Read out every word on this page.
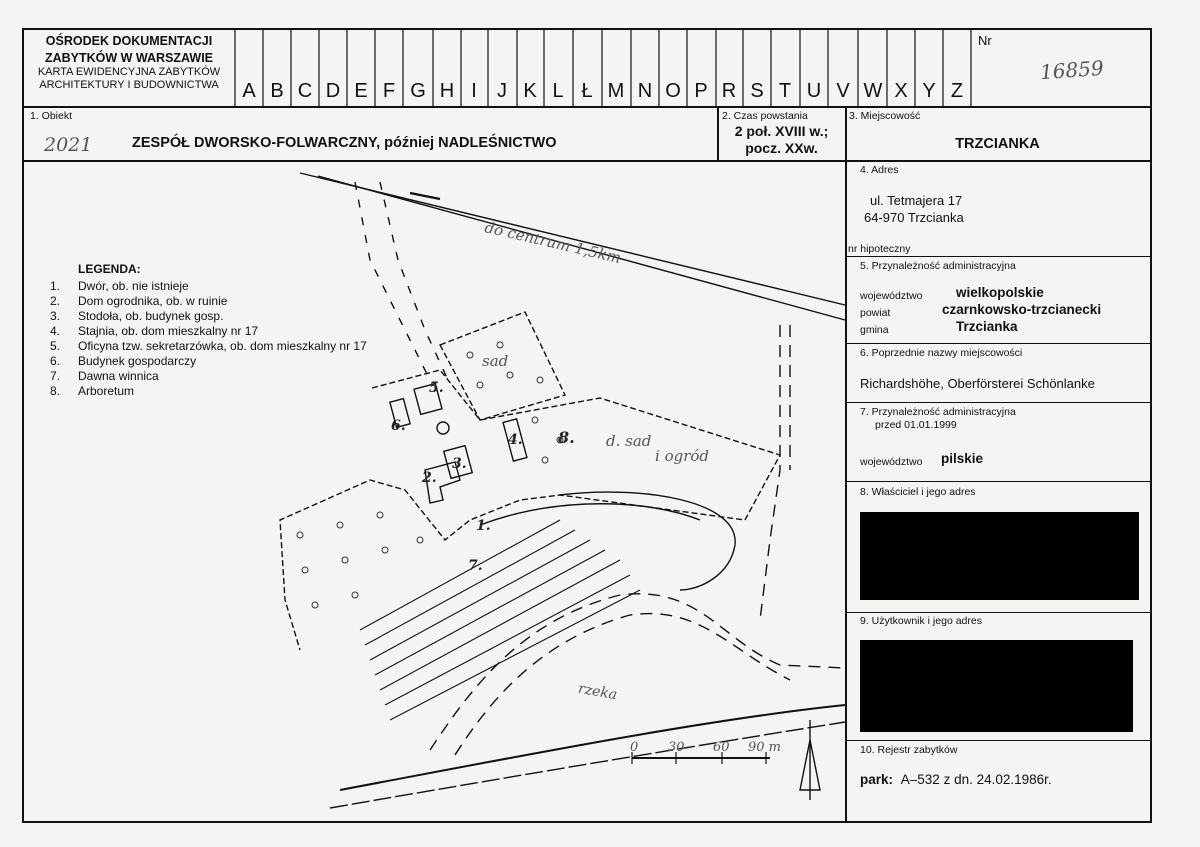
OŚRODEK DOKUMENTACJI
ZABYTKÓW W WARSZAWIE
KARTA EWIDENCYJNA ZABYTKÓW
ARCHITEKTURY I BUDOWNICTWA	A B C D E F G H I	J K L Ł M N O P R S T U V W X Y Z
Nr
16859
1. Obiekt
2021	ZESPÓŁ DWORSKO-FOLWARCZNY, później NADLEŚNICTWO
2. Czas powstania
2 poł. XVIII w.;
pocz. XXw.
3. Miejscowość
TRZCIANKA
4. Adres
ul. Tetmajera 17
64-970 Trzcianka
nr hipoteczny
5. Przynależność administracyjna
województwo wielkopolskie
powiat	czarnkowsko-trzcianecki
gmina	Trzcianka
6. Poprzednie nazwy miejscowości
Richardshöhe, Oberförsterei Schönlanke
7. Przynależność administracyjna
przed 01.01.1999
województwo pilskie
8. Właściciel i jego adres
9. Użytkownik i jego adres
10. Rejestr zabytków
park: A–532 z dn. 24.02.1986r.
LEGENDA:
1. Dwór, ob. nie istnieje
2. Dom ogrodnika, ob. w ruinie
3. Stodoła, ob. budynek gosp.
4. Stajnia, ob. dom mieszkalny nr 17
5. Oficyna tzw. sekretarzówka, ob. dom mieszkalny nr 17
6. Budynek gospodarczy
7. Dawna winnica
8. Arboretum
do centrum 1,5km
sad
d. sad
i ogród
rzeka
1.
2.
3.
4.
5.
6.
7.
8.
0 30 60 90 m
